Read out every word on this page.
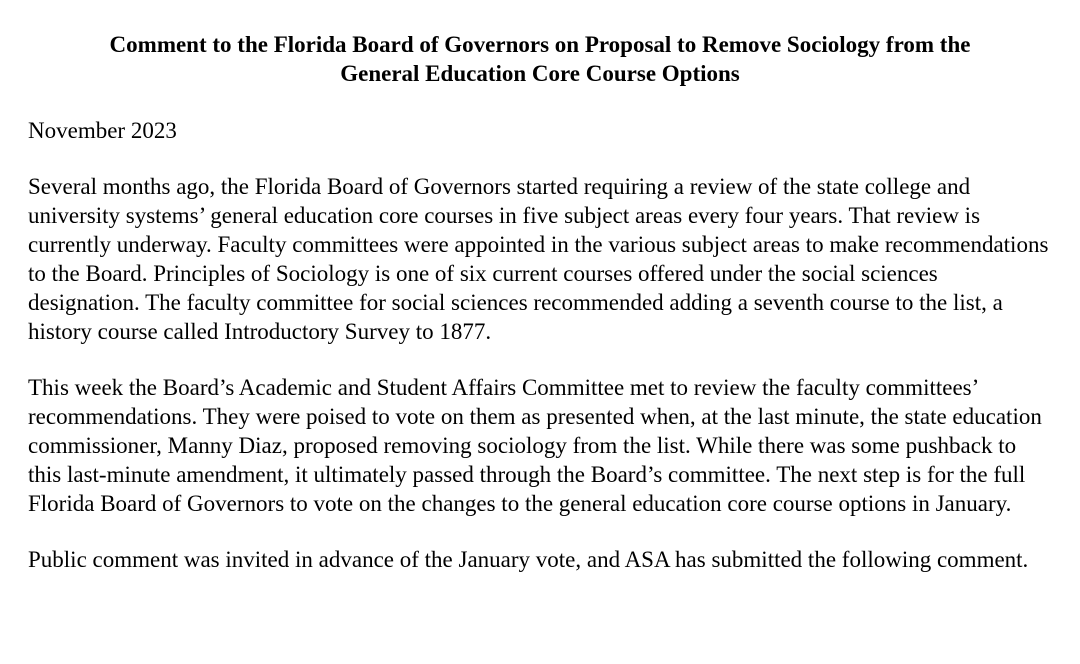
Comment to the Florida Board of Governors on Proposal to Remove Sociology from the
General Education Core Course Options

November 2023

Several months ago, the Florida Board of Governors started requiring a review of the state college and university systems’ general education core courses in five subject areas every four years. That review is currently underway. Faculty committees were appointed in the various subject areas to make recommendations to the Board. Principles of Sociology is one of six current courses offered under the social sciences designation. The faculty committee for social sciences recommended adding a seventh course to the list, a history course called Introductory Survey to 1877.

This week the Board’s Academic and Student Affairs Committee met to review the faculty committees’ recommendations. They were poised to vote on them as presented when, at the last minute, the state education commissioner, Manny Diaz, proposed removing sociology from the list. While there was some pushback to this last-minute amendment, it ultimately passed through the Board’s committee. The next step is for the full Florida Board of Governors to vote on the changes to the general education core course options in January.

Public comment was invited in advance of the January vote, and ASA has submitted the following comment.
